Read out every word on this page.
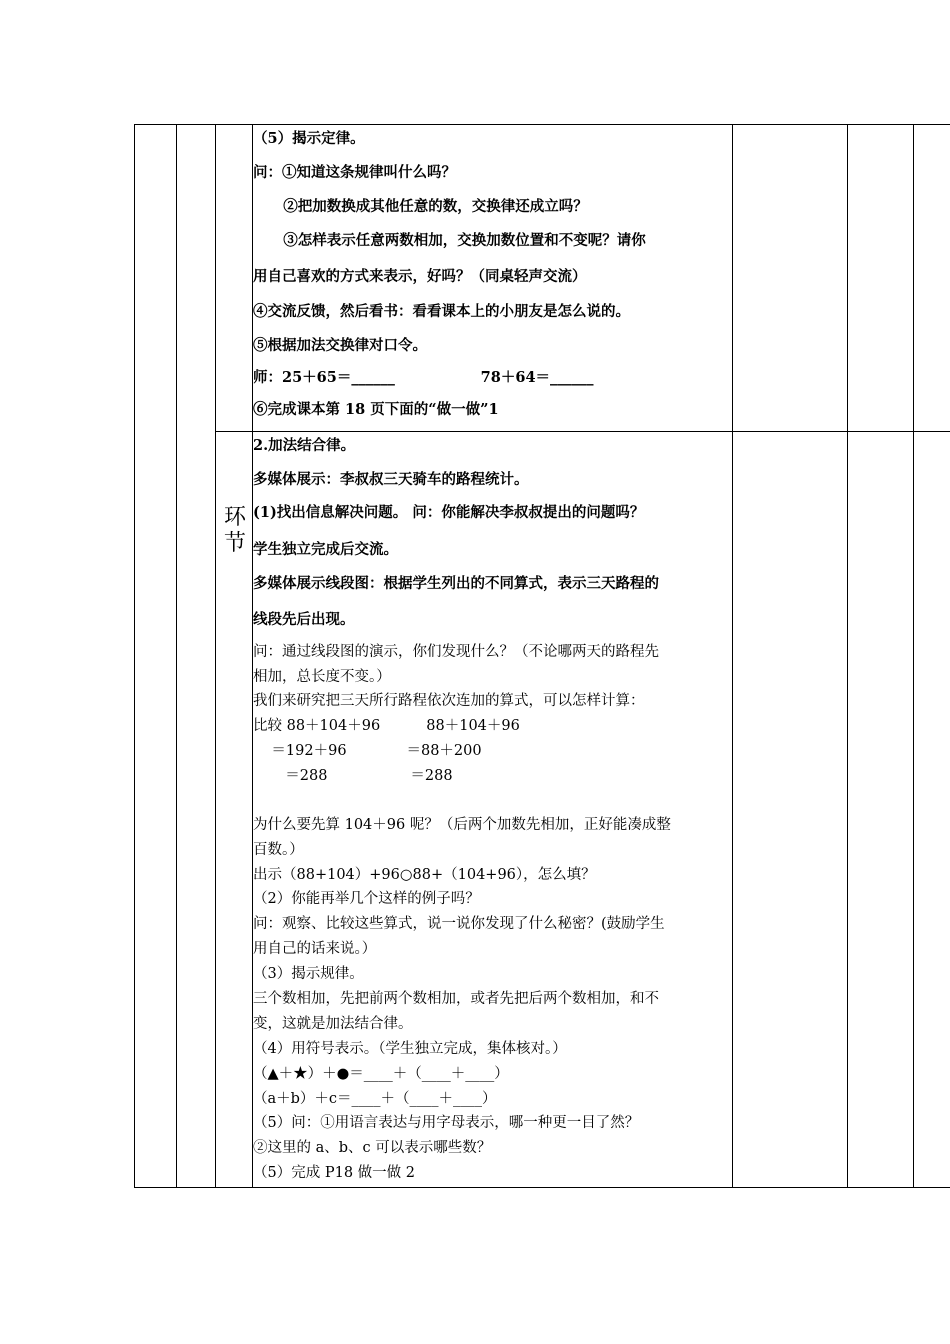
（5）揭示定律。
问：①知道这条规律叫什么吗？
②把加数换成其他任意的数，交换律还成立吗？
③怎样表示任意两数相加，交换加数位置和不变呢？请你
用自己喜欢的方式来表示，好吗？（同桌轻声交流）
④交流反馈，然后看书：看看课本上的小朋友是怎么说的。
⑤根据加法交换律对口令。
师：25＋65＝______                 78＋64＝______
⑥完成课本第 18 页下面的“做一做”1
环节
2.加法结合律。
多媒体展示：李叔叔三天骑车的路程统计。
(1)找出信息解决问题。 问：你能解决李叔叔提出的问题吗？
学生独立完成后交流。
多媒体展示线段图：根据学生列出的不同算式，表示三天路程的
线段先后出现。
问：通过线段图的演示，你们发现什么？（不论哪两天的路程先
相加，总长度不变。）
我们来研究把三天所行路程依次连加的算式，可以怎样计算：
比较 88＋104＋96          88＋104＋96
＝192＋96             ＝88＋200
＝288                  ＝288
为什么要先算 104＋96 呢？（后两个加数先相加，正好能凑成整
百数。）
出示（88+104）+96○88+（104+96），怎么填？
（2）你能再举几个这样的例子吗？
问：观察、比较这些算式，说一说你发现了什么秘密？(鼓励学生
用自己的话来说。）
（3）揭示规律。
三个数相加，先把前两个数相加，或者先把后两个数相加，和不
变，这就是加法结合律。
（4）用符号表示。（学生独立完成，集体核对。）
（▲＋★）＋●＝____＋（____＋____）
（a＋b）＋c＝____＋（____＋____）
（5）问：①用语言表达与用字母表示，哪一种更一目了然？
②这里的 a、b、c 可以表示哪些数？
（5）完成 P18 做一做 2
